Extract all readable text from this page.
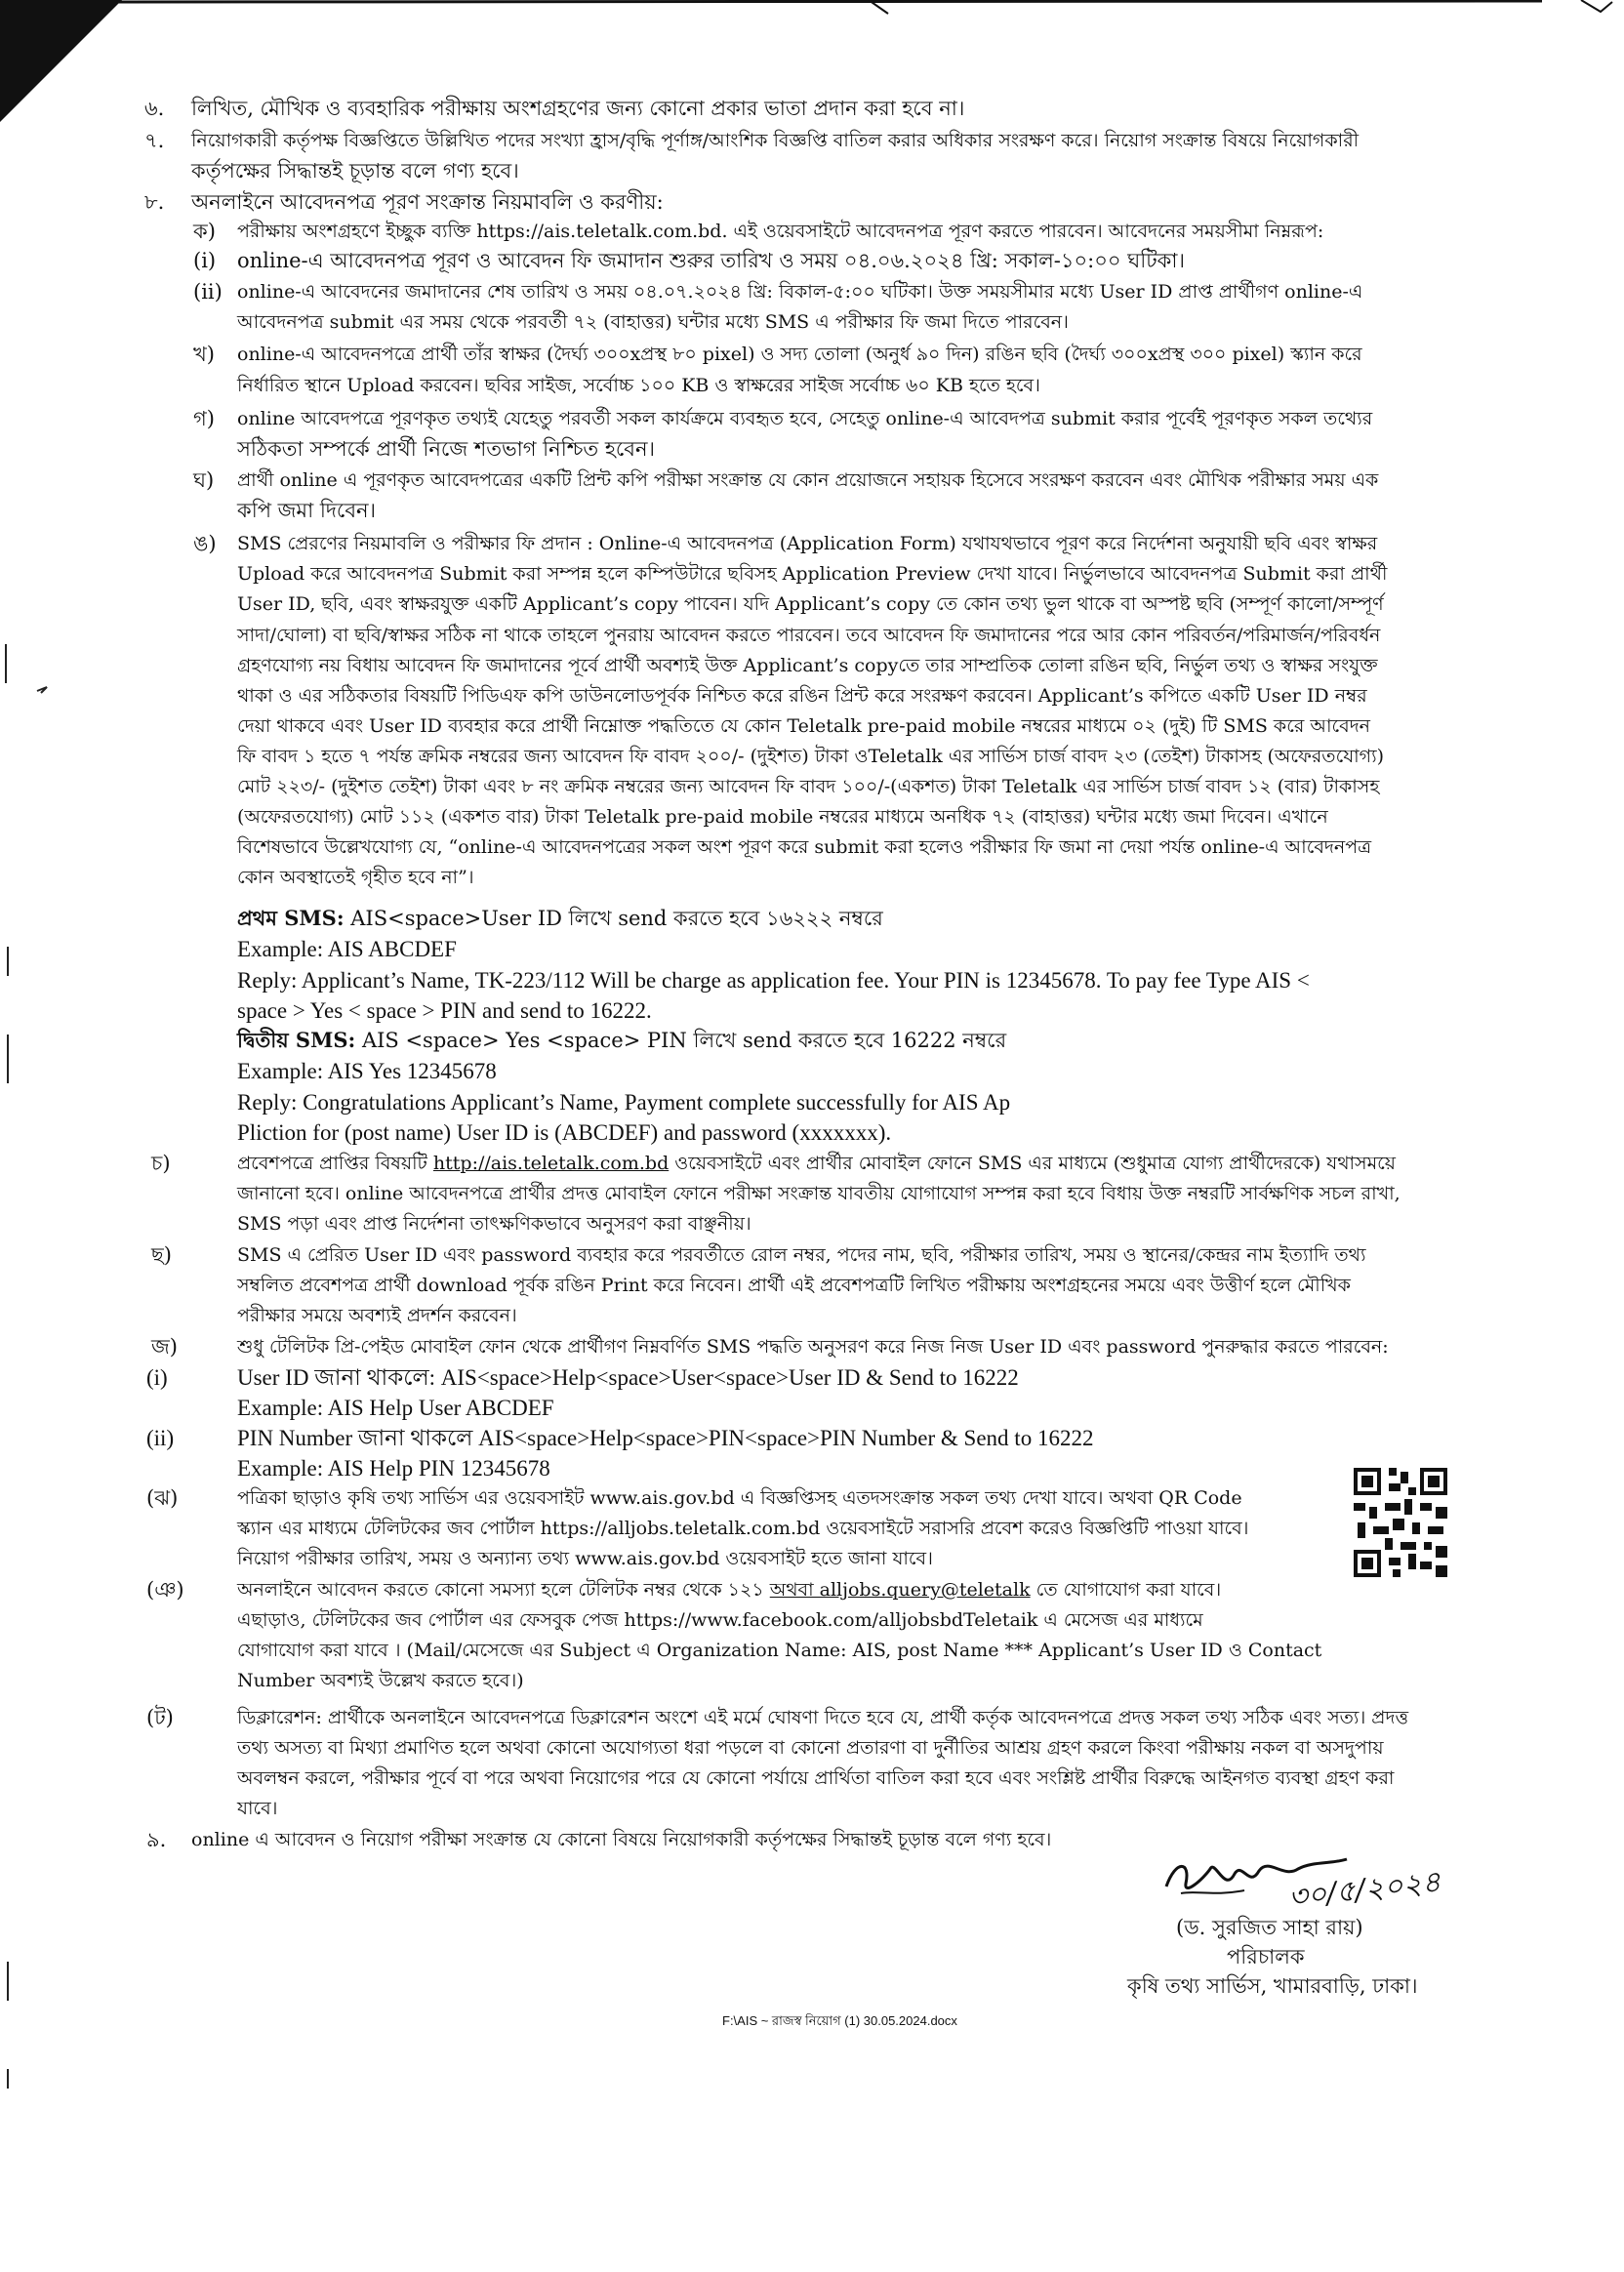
৬. লিখিত, মৌখিক ও ব্যবহারিক পরীক্ষায় অংশগ্রহণের জন্য কোনো প্রকার ভাতা প্রদান করা হবে না।
৭. নিয়োগকারী কর্তৃপক্ষ বিজ্ঞপ্তিতে উল্লিখিত পদের সংখ্যা হ্রাস/বৃদ্ধি পূর্ণাঙ্গ/আংশিক বিজ্ঞপ্তি বাতিল করার অধিকার সংরক্ষণ করে। নিয়োগ সংক্রান্ত বিষয়ে নিয়োগকারী
কর্তৃপক্ষের সিদ্ধান্তই চূড়ান্ত বলে গণ্য হবে।
৮. অনলাইনে আবেদনপত্র পূরণ সংক্রান্ত নিয়মাবলি ও করণীয়:
ক) পরীক্ষায় অংশগ্রহণে ইচ্ছুক ব্যক্তি https://ais.teletalk.com.bd. এই ওয়েবসাইটে আবেদনপত্র পূরণ করতে পারবেন। আবেদনের সময়সীমা নিম্নরূপ:
(i) online-এ আবেদনপত্র পূরণ ও আবেদন ফি জমাদান শুরুর তারিখ ও সময় ০৪.০৬.২০২৪ খ্রি: সকাল-১০:০০ ঘটিকা।
(ii) online-এ আবেদনের জমাদানের শেষ তারিখ ও সময় ০৪.০৭.২০২৪ খ্রি: বিকাল-৫:০০ ঘটিকা। উক্ত সময়সীমার মধ্যে User ID প্রাপ্ত প্রার্থীগণ online-এ
আবেদনপত্র submit এর সময় থেকে পরবর্তী ৭২ (বাহাত্তর) ঘন্টার মধ্যে SMS এ পরীক্ষার ফি জমা দিতে পারবেন।
খ) online-এ আবেদনপত্রে প্রার্থী তাঁর স্বাক্ষর (দৈর্ঘ্য ৩০০xপ্রস্থ ৮০ pixel) ও সদ্য তোলা (অনুর্ধ ৯০ দিন) রঙিন ছবি (দৈর্ঘ্য ৩০০xপ্রস্থ ৩০০ pixel) স্ক্যান করে
নির্ধারিত স্থানে Upload করবেন। ছবির সাইজ, সর্বোচ্চ ১০০ KB ও স্বাক্ষরের সাইজ সর্বোচ্চ ৬০ KB হতে হবে।
গ) online আবেদপত্রে পূরণকৃত তথ্যই যেহেতু পরবর্তী সকল কার্যক্রমে ব্যবহৃত হবে, সেহেতু online-এ আবেদপত্র submit করার পূর্বেই পূরণকৃত সকল তথ্যের
সঠিকতা সম্পর্কে প্রার্থী নিজে শতভাগ নিশ্চিত হবেন।
ঘ) প্রার্থী online এ পূরণকৃত আবেদপত্রের একটি প্রিন্ট কপি পরীক্ষা সংক্রান্ত যে কোন প্রয়োজনে সহায়ক হিসেবে সংরক্ষণ করবেন এবং মৌখিক পরীক্ষার সময় এক
কপি জমা দিবেন।
ঙ) SMS প্রেরণের নিয়মাবলি ও পরীক্ষার ফি প্রদান : Online-এ আবেদনপত্র (Application Form) যথাযথভাবে পূরণ করে নির্দেশনা অনুযায়ী ছবি এবং স্বাক্ষর
Upload করে আবেদনপত্র Submit করা সম্পন্ন হলে কম্পিউটারে ছবিসহ Application Preview দেখা যাবে। নির্ভুলভাবে আবেদনপত্র Submit করা প্রার্থী
User ID, ছবি, এবং স্বাক্ষরযুক্ত একটি Applicant’s copy পাবেন। যদি Applicant’s copy তে কোন তথ্য ভুল থাকে বা অস্পষ্ট ছবি (সম্পূর্ণ কালো/সম্পূর্ণ
সাদা/ঘোলা) বা ছবি/স্বাক্ষর সঠিক না থাকে তাহলে পুনরায় আবেদন করতে পারবেন। তবে আবেদন ফি জমাদানের পরে আর কোন পরিবর্তন/পরিমার্জন/পরিবর্ধন
গ্রহণযোগ্য নয় বিধায় আবেদন ফি জমাদানের পূর্বে প্রার্থী অবশ্যই উক্ত Applicant’s copyতে তার সাম্প্রতিক তোলা রঙিন ছবি, নির্ভুল তথ্য ও স্বাক্ষর সংযুক্ত
থাকা ও এর সঠিকতার বিষয়টি পিডিএফ কপি ডাউনলোডপূর্বক নিশ্চিত করে রঙিন প্রিন্ট করে সংরক্ষণ করবেন। Applicant’s কপিতে একটি User ID নম্বর
দেয়া থাকবে এবং User ID ব্যবহার করে প্রার্থী নিম্নোক্ত পদ্ধতিতে যে কোন Teletalk pre-paid mobile নম্বরের মাধ্যমে ০২ (দুই) টি SMS করে আবেদন
ফি বাবদ ১ হতে ৭ পর্যন্ত ক্রমিক নম্বরের জন্য আবেদন ফি বাবদ ২০০/- (দুইশত) টাকা ওTeletalk এর সার্ভিস চার্জ বাবদ ২৩ (তেইশ) টাকাসহ (অফেরতযোগ্য)
মোট ২২৩/- (দুইশত তেইশ) টাকা এবং ৮ নং ক্রমিক নম্বরের জন্য আবেদন ফি বাবদ ১০০/-(একশত) টাকা Teletalk এর সার্ভিস চার্জ বাবদ ১২ (বার) টাকাসহ
(অফেরতযোগ্য) মোট ১১২ (একশত বার) টাকা Teletalk pre-paid mobile নম্বরের মাধ্যমে অনধিক ৭২ (বাহাত্তর) ঘন্টার মধ্যে জমা দিবেন। এখানে
বিশেষভাবে উল্লেখযোগ্য যে, “online-এ আবেদনপত্রের সকল অংশ পূরণ করে submit করা হলেও পরীক্ষার ফি জমা না দেয়া পর্যন্ত online-এ আবেদনপত্র
কোন অবস্থাতেই গৃহীত হবে না”।
প্রথম SMS: AIS<space>User ID লিখে send করতে হবে ১৬২২২ নম্বরে
Example: AIS ABCDEF
Reply: Applicant’s Name, TK-223/112 Will be charge as application fee. Your PIN is 12345678. To pay fee Type AIS <
space > Yes < space > PIN and send to 16222.
দ্বিতীয় SMS: AIS <space> Yes <space> PIN লিখে send করতে হবে 16222 নম্বরে
Example: AIS Yes 12345678
Reply: Congratulations Applicant’s Name, Payment complete successfully for AIS Ap
Pliction for (post name) User ID is (ABCDEF) and password (xxxxxxx).
চ)	প্রবেশপত্রে প্রাপ্তির বিষয়টি http://ais.teletalk.com.bd ওয়েবসাইটে এবং প্রার্থীর মোবাইল ফোনে SMS এর মাধ্যমে (শুধুমাত্র যোগ্য প্রার্থীদেরকে) যথাসময়ে
জানানো হবে। online আবেদনপত্রে প্রার্থীর প্রদত্ত মোবাইল ফোনে পরীক্ষা সংক্রান্ত যাবতীয় যোগাযোগ সম্পন্ন করা হবে বিধায় উক্ত নম্বরটি সার্বক্ষণিক সচল রাখা,
SMS পড়া এবং প্রাপ্ত নির্দেশনা তাৎক্ষণিকভাবে অনুসরণ করা বাঞ্ছনীয়।
ছ)	SMS এ প্রেরিত User ID এবং password ব্যবহার করে পরবর্তীতে রোল নম্বর, পদের নাম, ছবি, পরীক্ষার তারিখ, সময় ও স্থানের/কেন্দ্রর নাম ইত্যাদি তথ্য
সম্বলিত প্রবেশপত্র প্রার্থী download পূর্বক রঙিন Print করে নিবেন। প্রার্থী এই প্রবেশপত্রটি লিখিত পরীক্ষায় অংশগ্রহনের সময়ে এবং উত্তীর্ণ হলে মৌখিক
পরীক্ষার সময়ে অবশ্যই প্রদর্শন করবেন।
জ)	শুধু টেলিটক প্রি-পেইড মোবাইল ফোন থেকে প্রার্থীগণ নিম্নবর্ণিত SMS পদ্ধতি অনুসরণ করে নিজ নিজ User ID এবং password পুনরুদ্ধার করতে পারবেন:
(i)	User ID জানা থাকলে: AIS<space>Help<space>User<space>User ID & Send to 16222
Example: AIS Help User ABCDEF
(ii)	PIN Number জানা থাকলে AIS<space>Help<space>PIN<space>PIN Number & Send to 16222
Example: AIS Help PIN 12345678
(ঝ)	পত্রিকা ছাড়াও কৃষি তথ্য সার্ভিস এর ওয়েবসাইট www.ais.gov.bd এ বিজ্ঞপ্তিসহ এতদসংক্রান্ত সকল তথ্য দেখা যাবে। অথবা QR Code
স্ক্যান এর মাধ্যমে টেলিটকের জব পোর্টাল https://alljobs.teletalk.com.bd ওয়েবসাইটে সরাসরি প্রবেশ করেও বিজ্ঞপ্তিটি পাওয়া যাবে।
নিয়োগ পরীক্ষার তারিখ, সময় ও অন্যান্য তথ্য www.ais.gov.bd ওয়েবসাইট হতে জানা যাবে।
(ঞ)	অনলাইনে আবেদন করতে কোনো সমস্যা হলে টেলিটক নম্বর থেকে ১২১ অথবা alljobs.query@teletalk তে যোগাযোগ করা যাবে।
এছাড়াও, টেলিটকের জব পোর্টাল এর ফেসবুক পেজ https://www.facebook.com/alljobsbdTeletaik এ মেসেজ এর মাধ্যমে
যোগাযোগ করা যাবে । (Mail/মেসেজে এর Subject এ Organization Name: AIS, post Name *** Applicant’s User ID ও Contact
Number অবশ্যই উল্লেখ করতে হবে।)
(ট)	ডিক্লারেশন: প্রার্থীকে অনলাইনে আবেদনপত্রে ডিক্লারেশন অংশে এই মর্মে ঘোষণা দিতে হবে যে, প্রার্থী কর্তৃক আবেদনপত্রে প্রদত্ত সকল তথ্য সঠিক এবং সত্য। প্রদত্ত
তথ্য অসত্য বা মিথ্যা প্রমাণিত হলে অথবা কোনো অযোগ্যতা ধরা পড়লে বা কোনো প্রতারণা বা দুর্নীতির আশ্রয় গ্রহণ করলে কিংবা পরীক্ষায় নকল বা অসদুপায়
অবলম্বন করলে, পরীক্ষার পূর্বে বা পরে অথবা নিয়োগের পরে যে কোনো পর্যায়ে প্রার্থিতা বাতিল করা হবে এবং সংশ্লিষ্ট প্রার্থীর বিরুদ্ধে আইনগত ব্যবস্থা গ্রহণ করা
যাবে।
৯. online এ আবেদন ও নিয়োগ পরীক্ষা সংক্রান্ত যে কোনো বিষয়ে নিয়োগকারী কর্তৃপক্ষের সিদ্ধান্তই চূড়ান্ত বলে গণ্য হবে।
৩০/৫/২০২৪
(ড. সুরজিত সাহা রায়)
পরিচালক
কৃষি তথ্য সার্ভিস, খামারবাড়ি, ঢাকা।
F:\AIS ~ রাজস্ব নিয়োগ (1) 30.05.2024.docx
